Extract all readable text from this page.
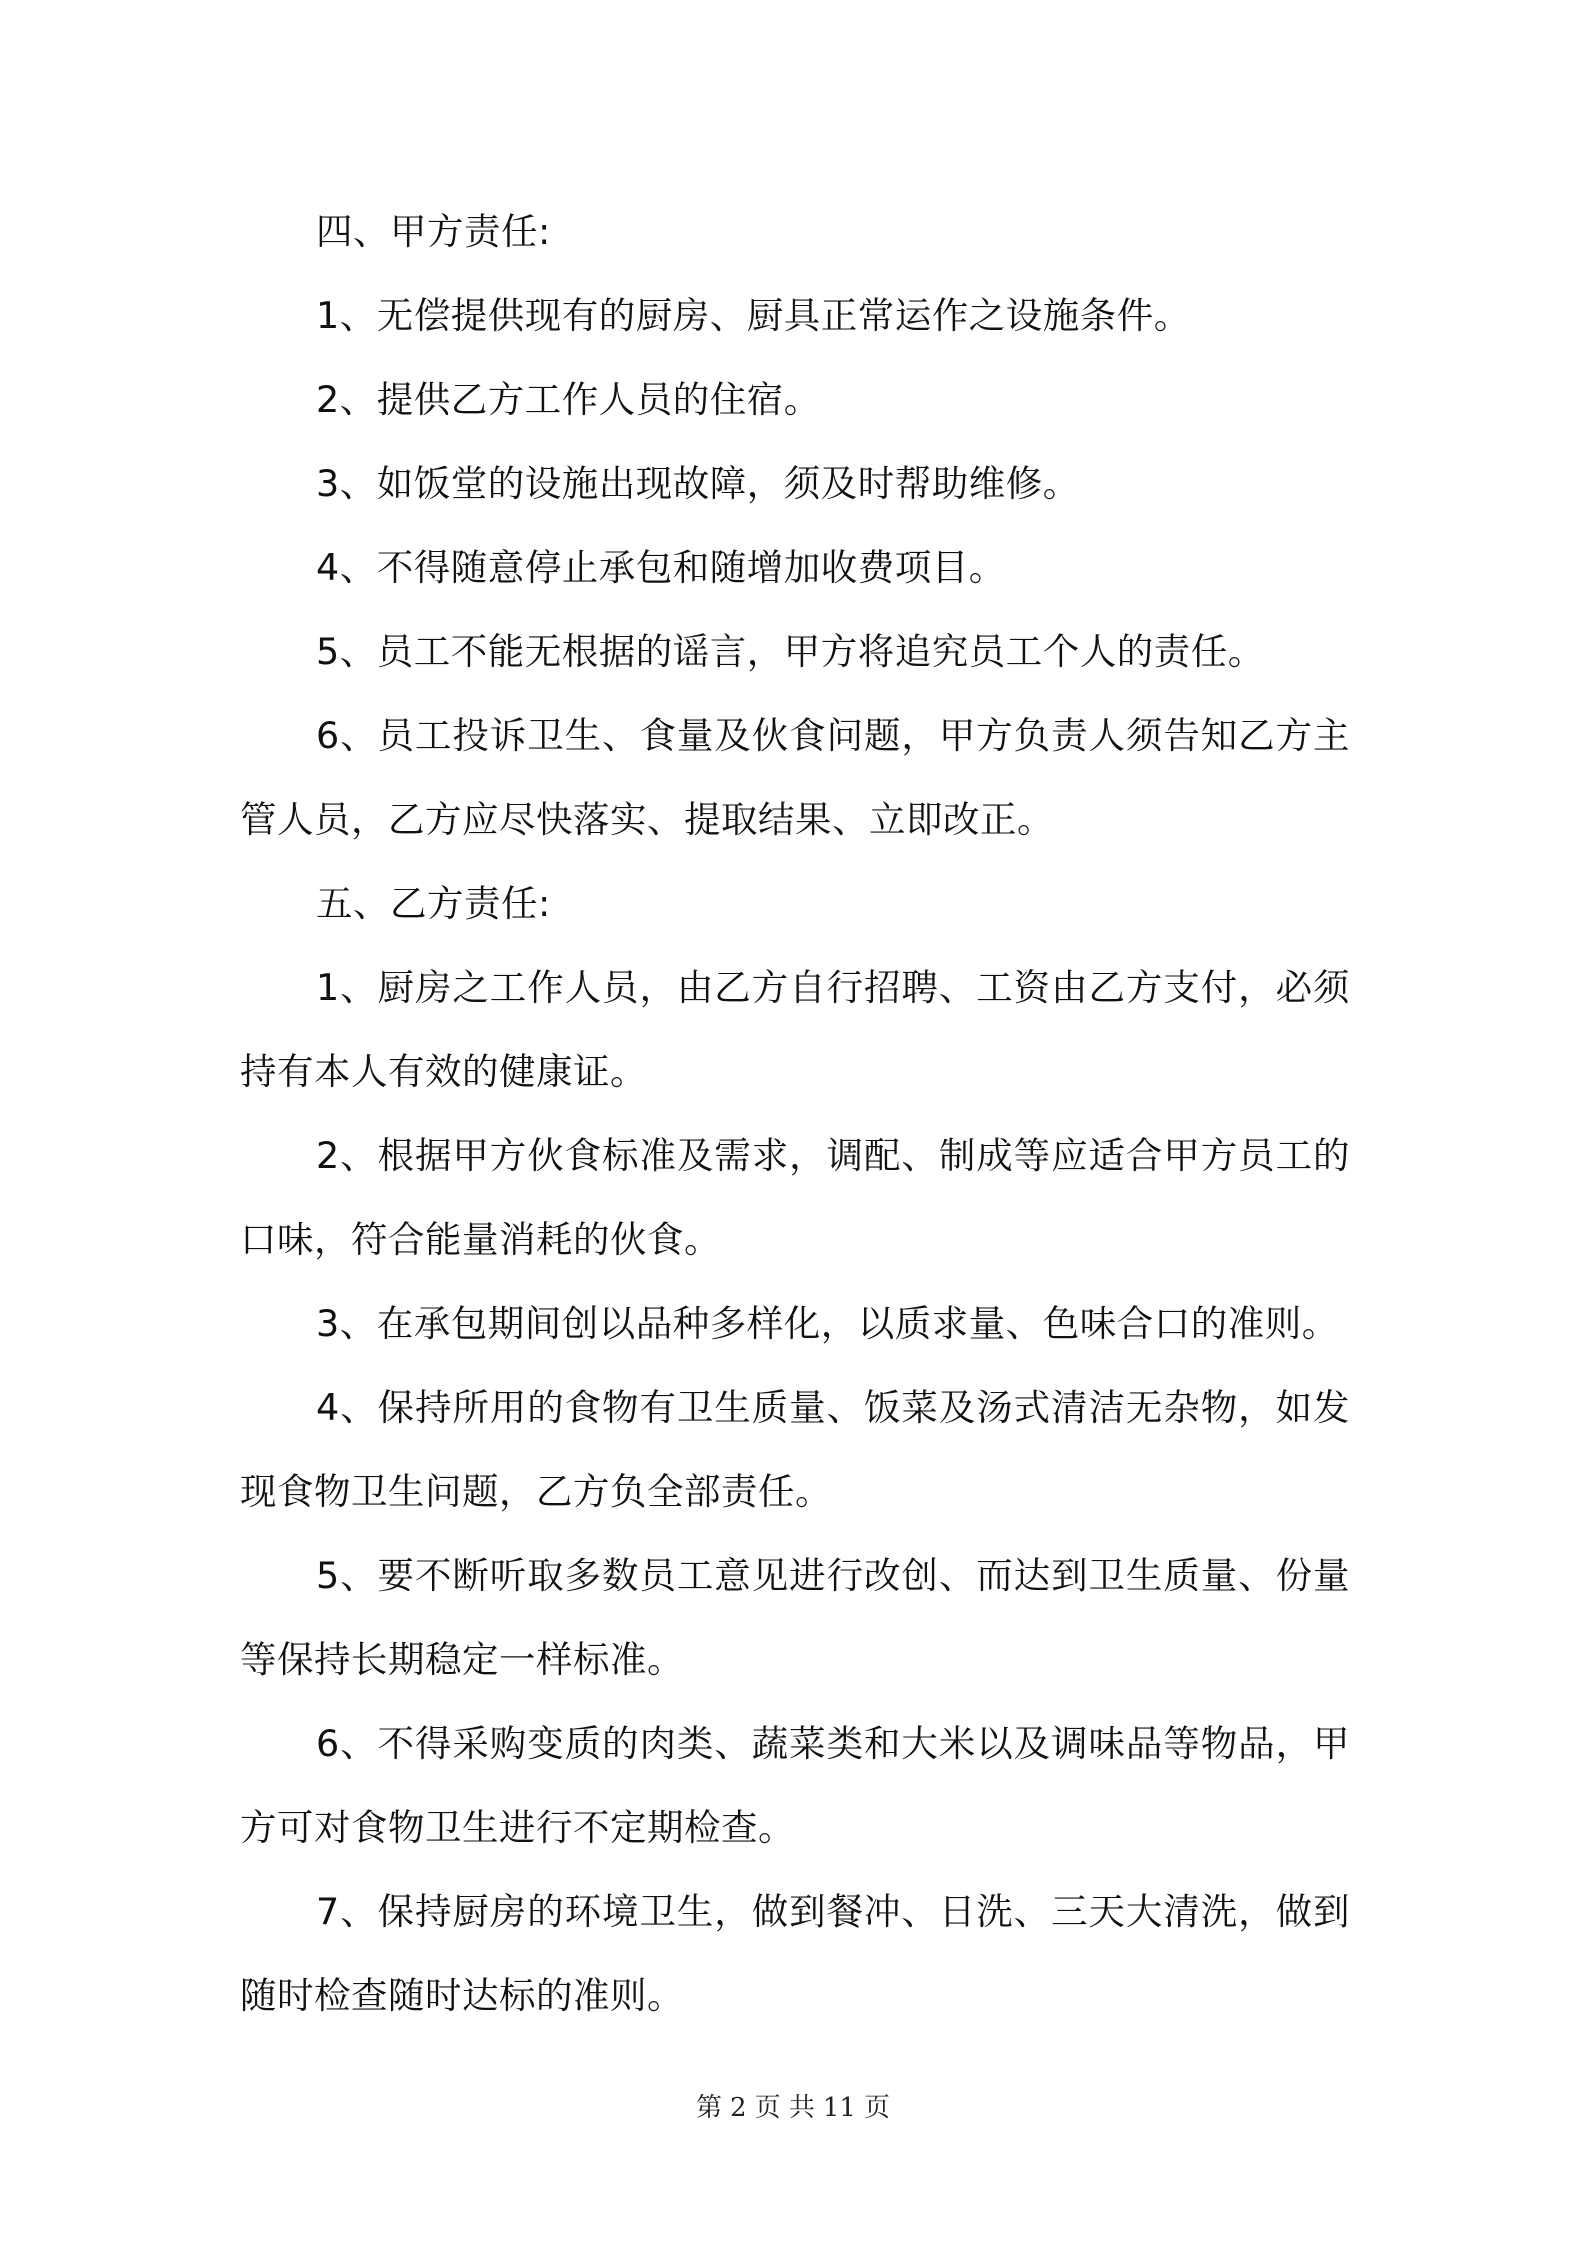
四、甲方责任:

1、无偿提供现有的厨房、厨具正常运作之设施条件。

2、提供乙方工作人员的住宿。

3、如饭堂的设施出现故障，须及时帮助维修。

4、不得随意停止承包和随增加收费项目。

5、员工不能无根据的谣言，甲方将追究员工个人的责任。

6、员工投诉卫生、食量及伙食问题，甲方负责人须告知乙方主管人员，乙方应尽快落实、提取结果、立即改正。

五、乙方责任:

1、厨房之工作人员，由乙方自行招聘、工资由乙方支付，必须持有本人有效的健康证。

2、根据甲方伙食标准及需求，调配、制成等应适合甲方员工的口味，符合能量消耗的伙食。

3、在承包期间创以品种多样化，以质求量、色味合口的准则。

4、保持所用的食物有卫生质量、饭菜及汤式清洁无杂物，如发现食物卫生问题，乙方负全部责任。

5、要不断听取多数员工意见进行改创、而达到卫生质量、份量等保持长期稳定一样标准。

6、不得采购变质的肉类、蔬菜类和大米以及调味品等物品，甲方可对食物卫生进行不定期检查。

7、保持厨房的环境卫生，做到餐冲、日洗、三天大清洗，做到随时检查随时达标的准则。

第 2 页 共 11 页
